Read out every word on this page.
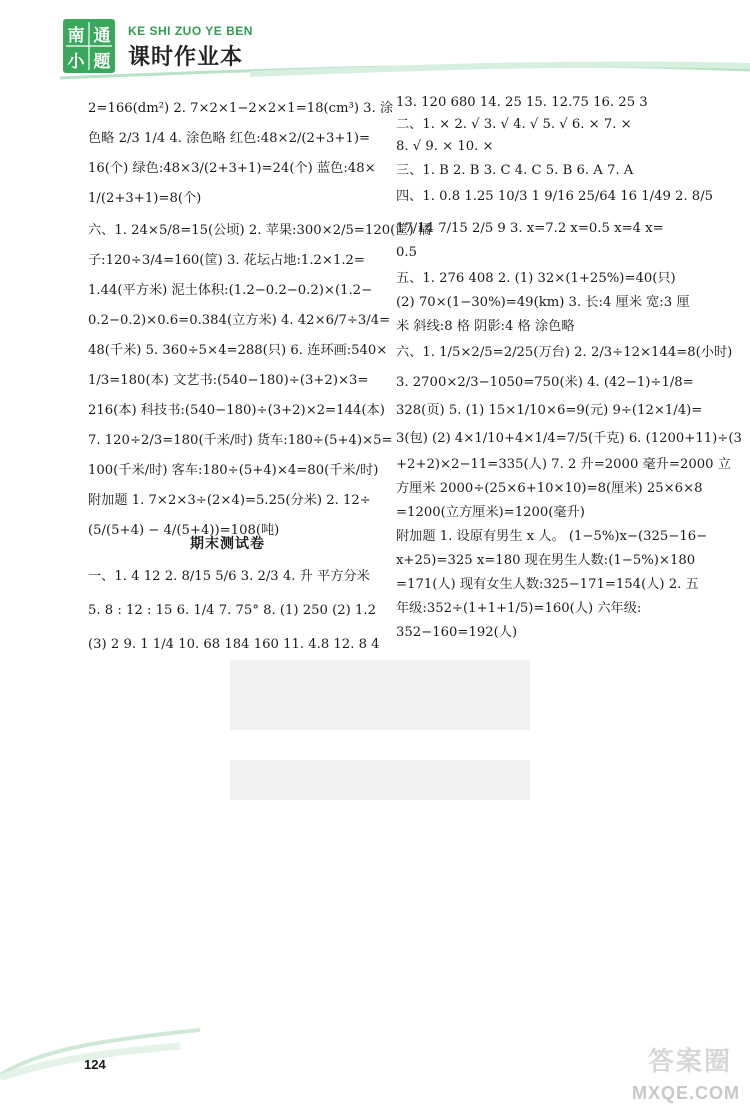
南 通
小 题
KE SHI ZUO YE BEN
课时作业本
2=166(dm²) 2. 7×2×1−2×2×1=18(cm³) 3. 涂
色略 2/3 1/4 4. 涂色略 红色:48×2/(2+3+1)=
16(个) 绿色:48×3/(2+3+1)=24(个) 蓝色:48×
1/(2+3+1)=8(个)
六、1. 24×5/8=15(公顷) 2. 苹果:300×2/5=120(筐) 橘
子:120÷3/4=160(筐) 3. 花坛占地:1.2×1.2=
1.44(平方米) 泥土体积:(1.2−0.2−0.2)×(1.2−
0.2−0.2)×0.6=0.384(立方米) 4. 42×6/7÷3/4=
48(千米) 5. 360÷5×4=288(只) 6. 连环画:540×
1/3=180(本) 文艺书:(540−180)÷(3+2)×3=
216(本) 科技书:(540−180)÷(3+2)×2=144(本)
7. 120÷2/3=180(千米/时) 货车:180÷(5+4)×5=
100(千米/时) 客车:180÷(5+4)×4=80(千米/时)
附加题 1. 7×2×3÷(2×4)=5.25(分米) 2. 12÷
(5/(5+4) − 4/(5+4))=108(吨)
期末测试卷
一、1. 4 12 2. 8/15 5/6 3. 2/3 4. 升 平方分米
5. 8 : 12 : 15 6. 1/4 7. 75° 8. (1) 250 (2) 1.2
(3) 2 9. 1 1/4 10. 68 184 160 11. 4.8 12. 8 4
13. 120 680 14. 25 15. 12.75 16. 25 3
二、1. × 2. √ 3. √ 4. √ 5. √ 6. × 7. ×
8. √ 9. × 10. ×
三、1. B 2. B 3. C 4. C 5. B 6. A 7. A
四、1. 0.8 1.25 10/3 1 9/16 25/64 16 1/49 2. 8/5
17/14 7/15 2/5 9 3. x=7.2 x=0.5 x=4 x=
0.5
五、1. 276 408 2. (1) 32×(1+25%)=40(只)
(2) 70×(1−30%)=49(km) 3. 长:4 厘米 宽:3 厘
米 斜线:8 格 阴影:4 格 涂色略
六、1. 1/5×2/5=2/25(万台) 2. 2/3÷12×144=8(小时)
3. 2700×2/3−1050=750(米) 4. (42−1)÷1/8=
328(页) 5. (1) 15×1/10×6=9(元) 9÷(12×1/4)=
3(包) (2) 4×1/10+4×1/4=7/5(千克) 6. (1200+11)÷(3
+2+2)×2−11=335(人) 7. 2 升=2000 毫升=2000 立
方厘米 2000÷(25×6+10×10)=8(厘米) 25×6×8
=1200(立方厘米)=1200(毫升)
附加题 1. 设原有男生 x 人。 (1−5%)x−(325−16−
x+25)=325 x=180 现在男生人数:(1−5%)×180
=171(人) 现有女生人数:325−171=154(人) 2. 五
年级:352÷(1+1+1/5)=160(人) 六年级:
352−160=192(人)
124	答案圈
MXQE.COM
